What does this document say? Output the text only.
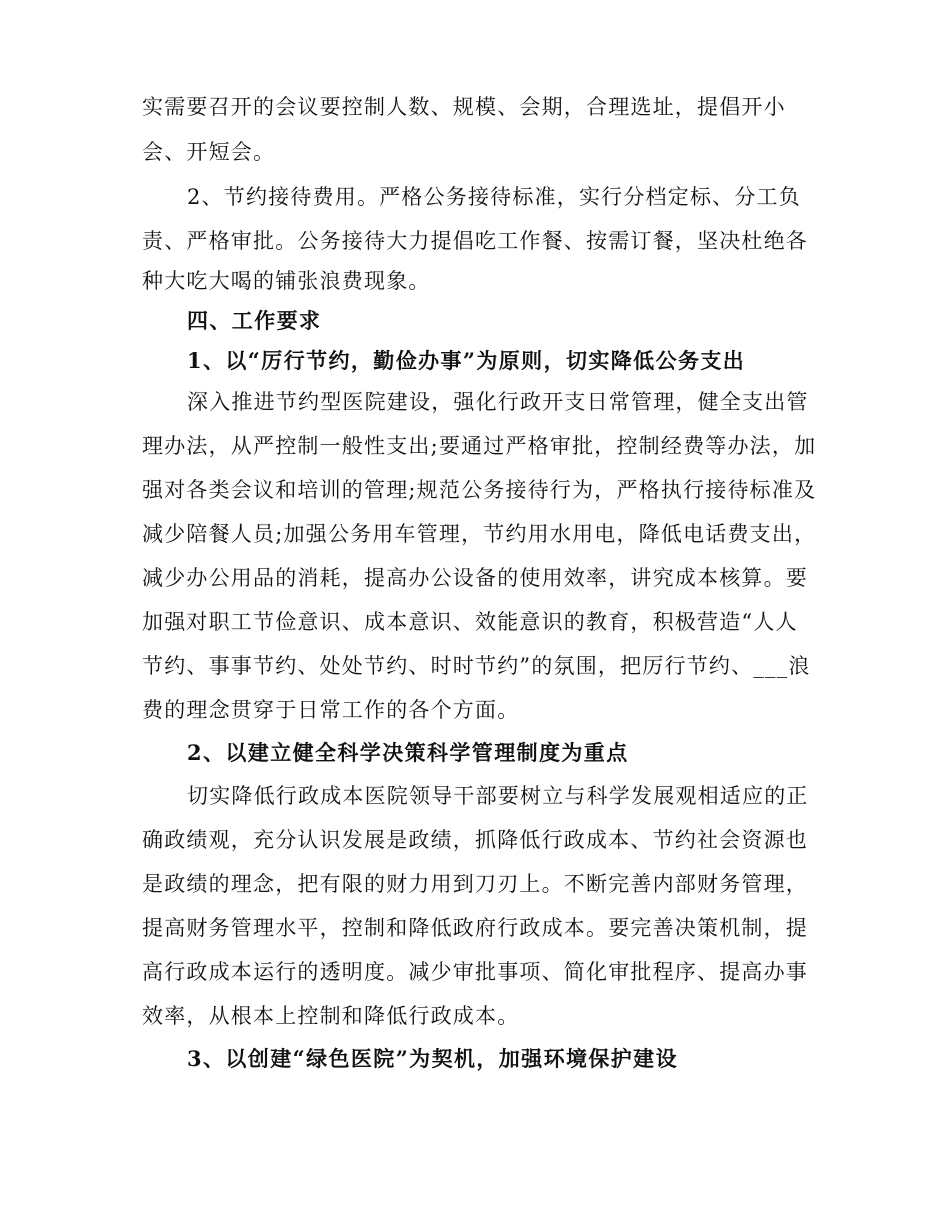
实需要召开的会议要控制人数、规模、会期，合理选址，提倡开小
会、开短会。
2、节约接待费用。严格公务接待标准，实行分档定标、分工负
责、严格审批。公务接待大力提倡吃工作餐、按需订餐，坚决杜绝各
种大吃大喝的铺张浪费现象。
四、工作要求
1、以“厉行节约，勤俭办事”为原则，切实降低公务支出
深入推进节约型医院建设，强化行政开支日常管理，健全支出管
理办法，从严控制一般性支出;要通过严格审批，控制经费等办法，加
强对各类会议和培训的管理;规范公务接待行为，严格执行接待标准及
减少陪餐人员;加强公务用车管理，节约用水用电，降低电话费支出，
减少办公用品的消耗，提高办公设备的使用效率，讲究成本核算。要
加强对职工节俭意识、成本意识、效能意识的教育，积极营造“人人
节约、事事节约、处处节约、时时节约”的氛围，把厉行节约、___浪
费的理念贯穿于日常工作的各个方面。
2、以建立健全科学决策科学管理制度为重点
切实降低行政成本医院领导干部要树立与科学发展观相适应的正
确政绩观，充分认识发展是政绩，抓降低行政成本、节约社会资源也
是政绩的理念，把有限的财力用到刀刃上。不断完善内部财务管理，
提高财务管理水平，控制和降低政府行政成本。要完善决策机制，提
高行政成本运行的透明度。减少审批事项、简化审批程序、提高办事
效率，从根本上控制和降低行政成本。
3、以创建“绿色医院”为契机，加强环境保护建设
